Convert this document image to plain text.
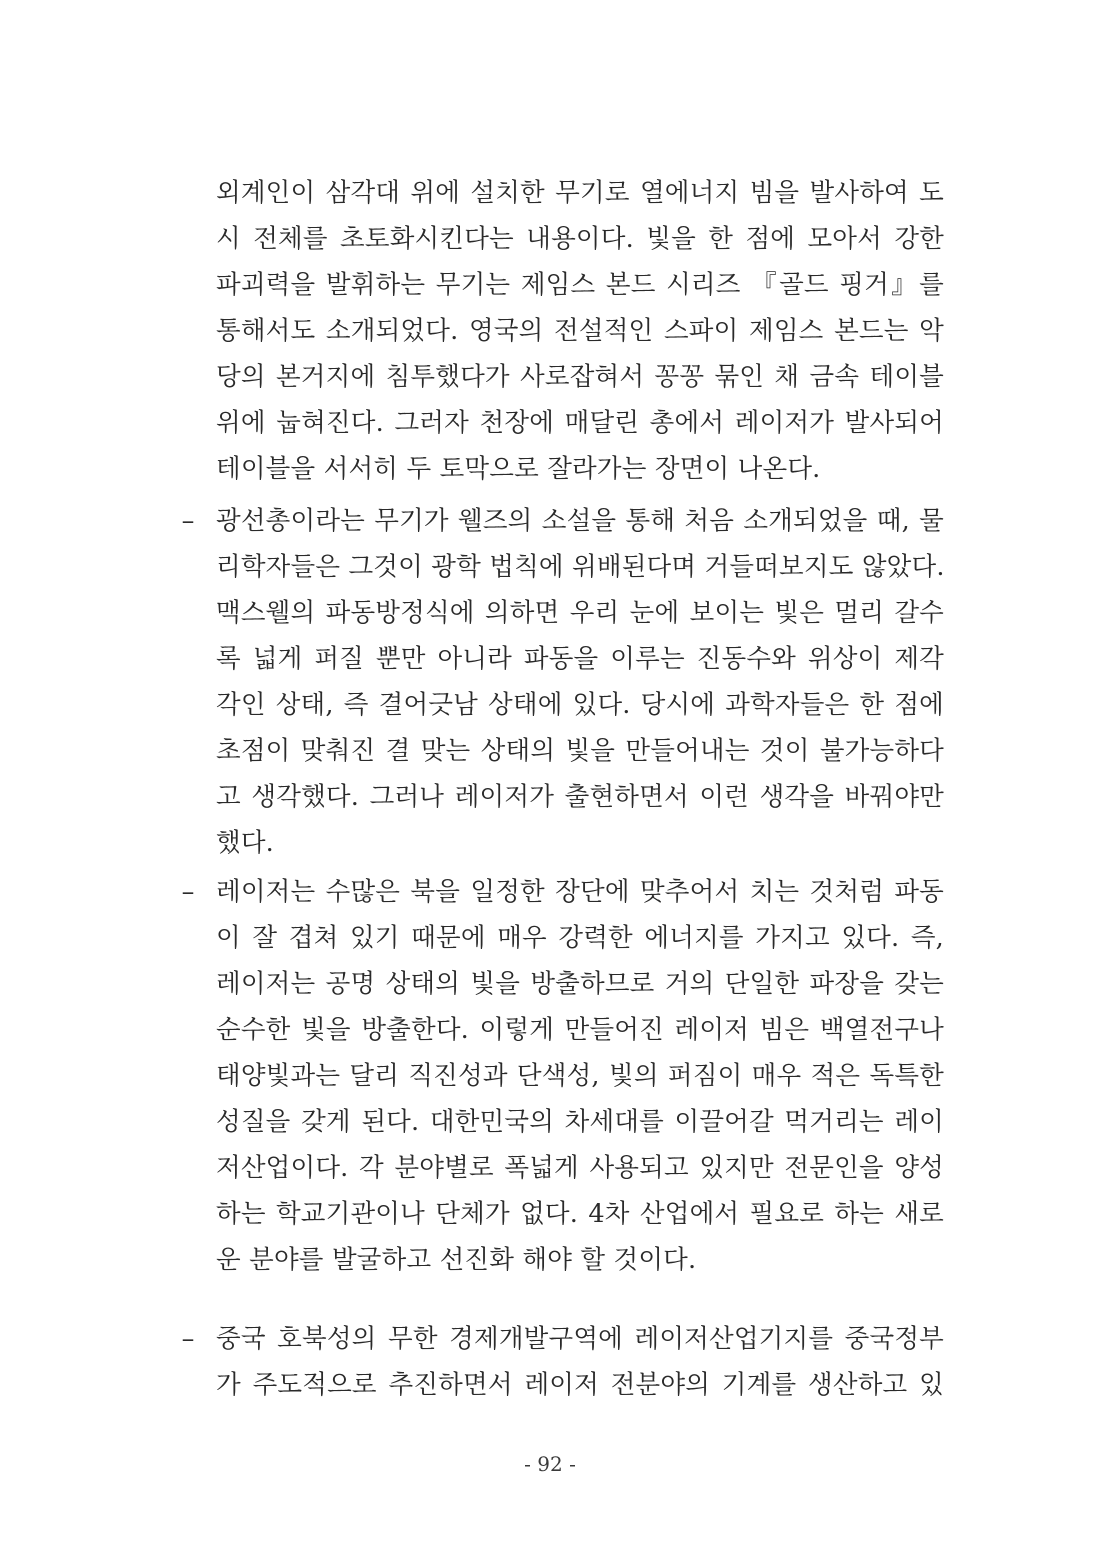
외계인이 삼각대 위에 설치한 무기로 열에너지 빔을 발사하여 도
시 전체를 초토화시킨다는 내용이다. 빛을 한 점에 모아서 강한
파괴력을 발휘하는 무기는 제임스 본드 시리즈 『골드 핑거』를
통해서도 소개되었다. 영국의 전설적인 스파이 제임스 본드는 악
당의 본거지에 침투했다가 사로잡혀서 꽁꽁 묶인 채 금속 테이블
위에 눕혀진다. 그러자 천장에 매달린 총에서 레이저가 발사되어
테이블을 서서히 두 토막으로 잘라가는 장면이 나온다.
– 광선총이라는 무기가 웰즈의 소설을 통해 처음 소개되었을 때, 물
리학자들은 그것이 광학 법칙에 위배된다며 거들떠보지도 않았다.
맥스웰의 파동방정식에 의하면 우리 눈에 보이는 빛은 멀리 갈수
록 넓게 퍼질 뿐만 아니라 파동을 이루는 진동수와 위상이 제각
각인 상태, 즉 결어긋남 상태에 있다. 당시에 과학자들은 한 점에
초점이 맞춰진 결 맞는 상태의 빛을 만들어내는 것이 불가능하다
고 생각했다. 그러나 레이저가 출현하면서 이런 생각을 바꿔야만
했다.
– 레이저는 수많은 북을 일정한 장단에 맞추어서 치는 것처럼 파동
이 잘 겹쳐 있기 때문에 매우 강력한 에너지를 가지고 있다. 즉,
레이저는 공명 상태의 빛을 방출하므로 거의 단일한 파장을 갖는
순수한 빛을 방출한다. 이렇게 만들어진 레이저 빔은 백열전구나
태양빛과는 달리 직진성과 단색성, 빛의 퍼짐이 매우 적은 독특한
성질을 갖게 된다. 대한민국의 차세대를 이끌어갈 먹거리는 레이
저산업이다. 각 분야별로 폭넓게 사용되고 있지만 전문인을 양성
하는 학교기관이나 단체가 없다. 4차 산업에서 필요로 하는 새로
운 분야를 발굴하고 선진화 해야 할 것이다.
– 중국 호북성의 무한 경제개발구역에 레이저산업기지를 중국정부
가 주도적으로 추진하면서 레이저 전분야의 기계를 생산하고 있
- 92 -
